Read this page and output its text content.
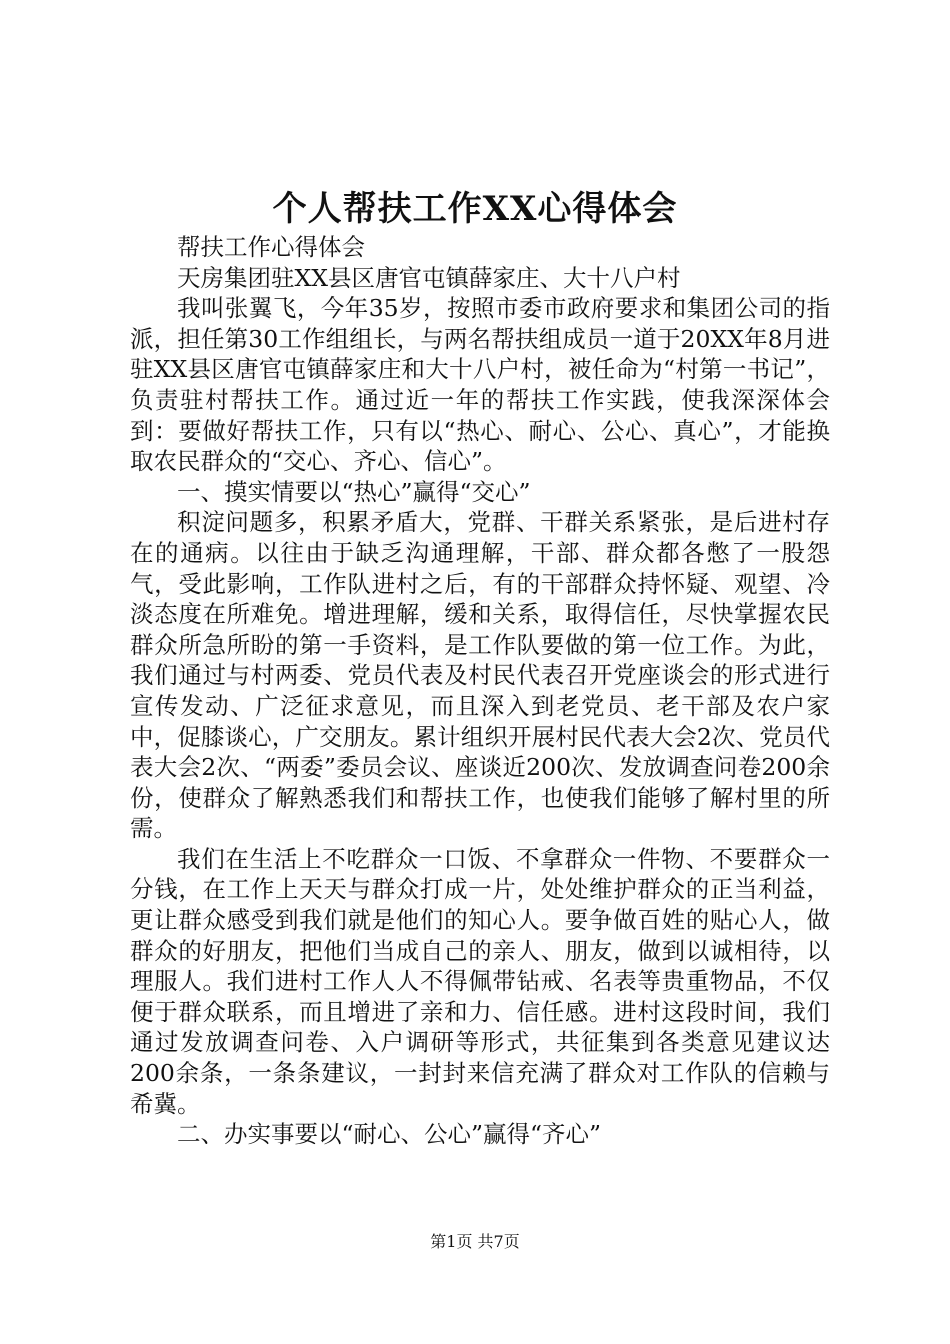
个人帮扶工作XX心得体会

帮扶工作心得体会

天房集团驻XX县区唐官屯镇薛家庄、大十八户村

我叫张翼飞，今年35岁，按照市委市政府要求和集团公司的指派，担任第30工作组组长，与两名帮扶组成员一道于20XX年8月进驻XX县区唐官屯镇薛家庄和大十八户村，被任命为“村第一书记”，负责驻村帮扶工作。通过近一年的帮扶工作实践，使我深深体会到：要做好帮扶工作，只有以“热心、耐心、公心、真心”，才能换取农民群众的“交心、齐心、信心”。

一、摸实情要以“热心”赢得“交心”

积淀问题多，积累矛盾大，党群、干群关系紧张，是后进村存在的通病。以往由于缺乏沟通理解，干部、群众都各憋了一股怨气，受此影响，工作队进村之后，有的干部群众持怀疑、观望、冷淡态度在所难免。增进理解，缓和关系，取得信任，尽快掌握农民群众所急所盼的第一手资料，是工作队要做的第一位工作。为此，我们通过与村两委、党员代表及村民代表召开党座谈会的形式进行宣传发动、广泛征求意见，而且深入到老党员、老干部及农户家中，促膝谈心，广交朋友。累计组织开展村民代表大会2次、党员代表大会2次、“两委”委员会议、座谈近200次、发放调查问卷200余份，使群众了解熟悉我们和帮扶工作，也使我们能够了解村里的所需。

我们在生活上不吃群众一口饭、不拿群众一件物、不要群众一分钱，在工作上天天与群众打成一片，处处维护群众的正当利益，更让群众感受到我们就是他们的知心人。要争做百姓的贴心人，做群众的好朋友，把他们当成自己的亲人、朋友，做到以诚相待，以理服人。我们进村工作人人不得佩带钻戒、名表等贵重物品，不仅便于群众联系，而且增进了亲和力、信任感。进村这段时间，我们通过发放调查问卷、入户调研等形式，共征集到各类意见建议达200余条，一条条建议，一封封来信充满了群众对工作队的信赖与希冀。

二、办实事要以“耐心、公心”赢得“齐心”

第1页 共7页
